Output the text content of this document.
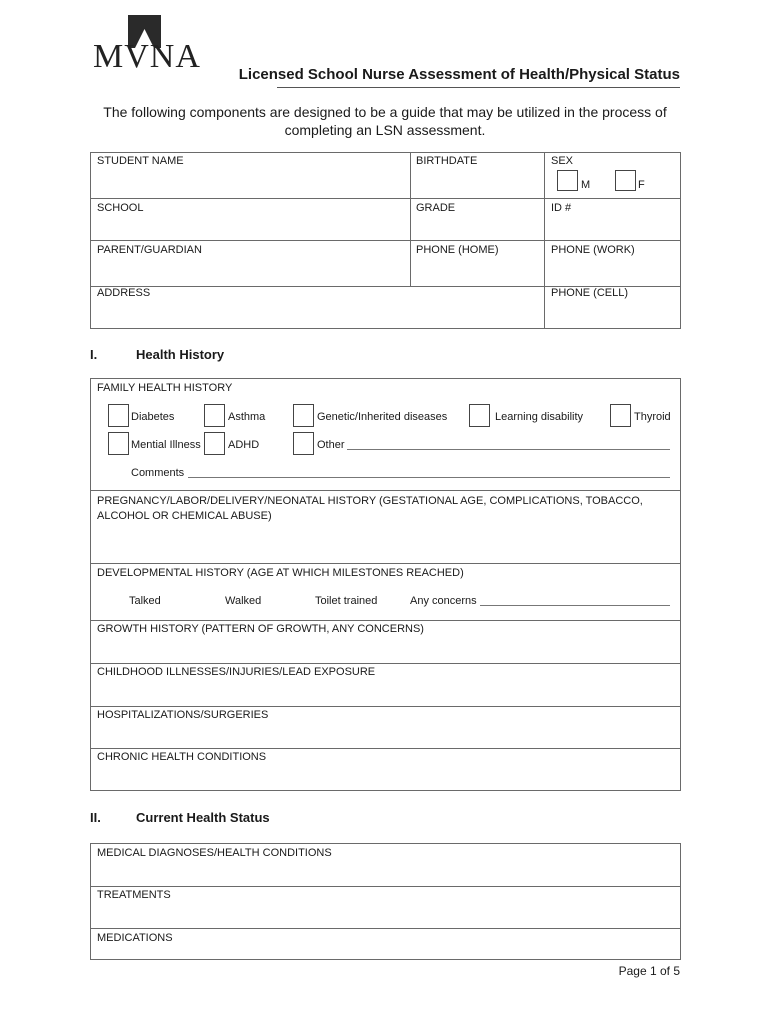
MVNA	Licensed School Nurse Assessment of Health/Physical Status
The following components are designed to be a guide that may be utilized in the process of
completing an LSN assessment.
STUDENT NAME	BIRTHDATE	SEX
M	F
SCHOOL	GRADE	ID #
PARENT/GUARDIAN	PHONE (HOME)	PHONE (WORK)
ADDRESS	PHONE (CELL)
I.	Health History
FAMILY HEALTH HISTORY
Diabetes	Asthma	Genetic/Inherited diseases	Learning disability	Thyroid
Mential Illness ADHD	Other
Comments
PREGNANCY/LABOR/DELIVERY/NEONATAL HISTORY (GESTATIONAL AGE, COMPLICATIONS, TOBACCO, ALCOHOL OR CHEMICAL ABUSE)
DEVELOPMENTAL HISTORY (AGE AT WHICH MILESTONES REACHED)
Talked	Walked	Toilet trained	Any concerns
GROWTH HISTORY (PATTERN OF GROWTH, ANY CONCERNS)
CHILDHOOD ILLNESSES/INJURIES/LEAD EXPOSURE
HOSPITALIZATIONS/SURGERIES
CHRONIC HEALTH CONDITIONS
II.	Current Health Status
MEDICAL DIAGNOSES/HEALTH CONDITIONS
TREATMENTS
MEDICATIONS
Page 1 of 5
